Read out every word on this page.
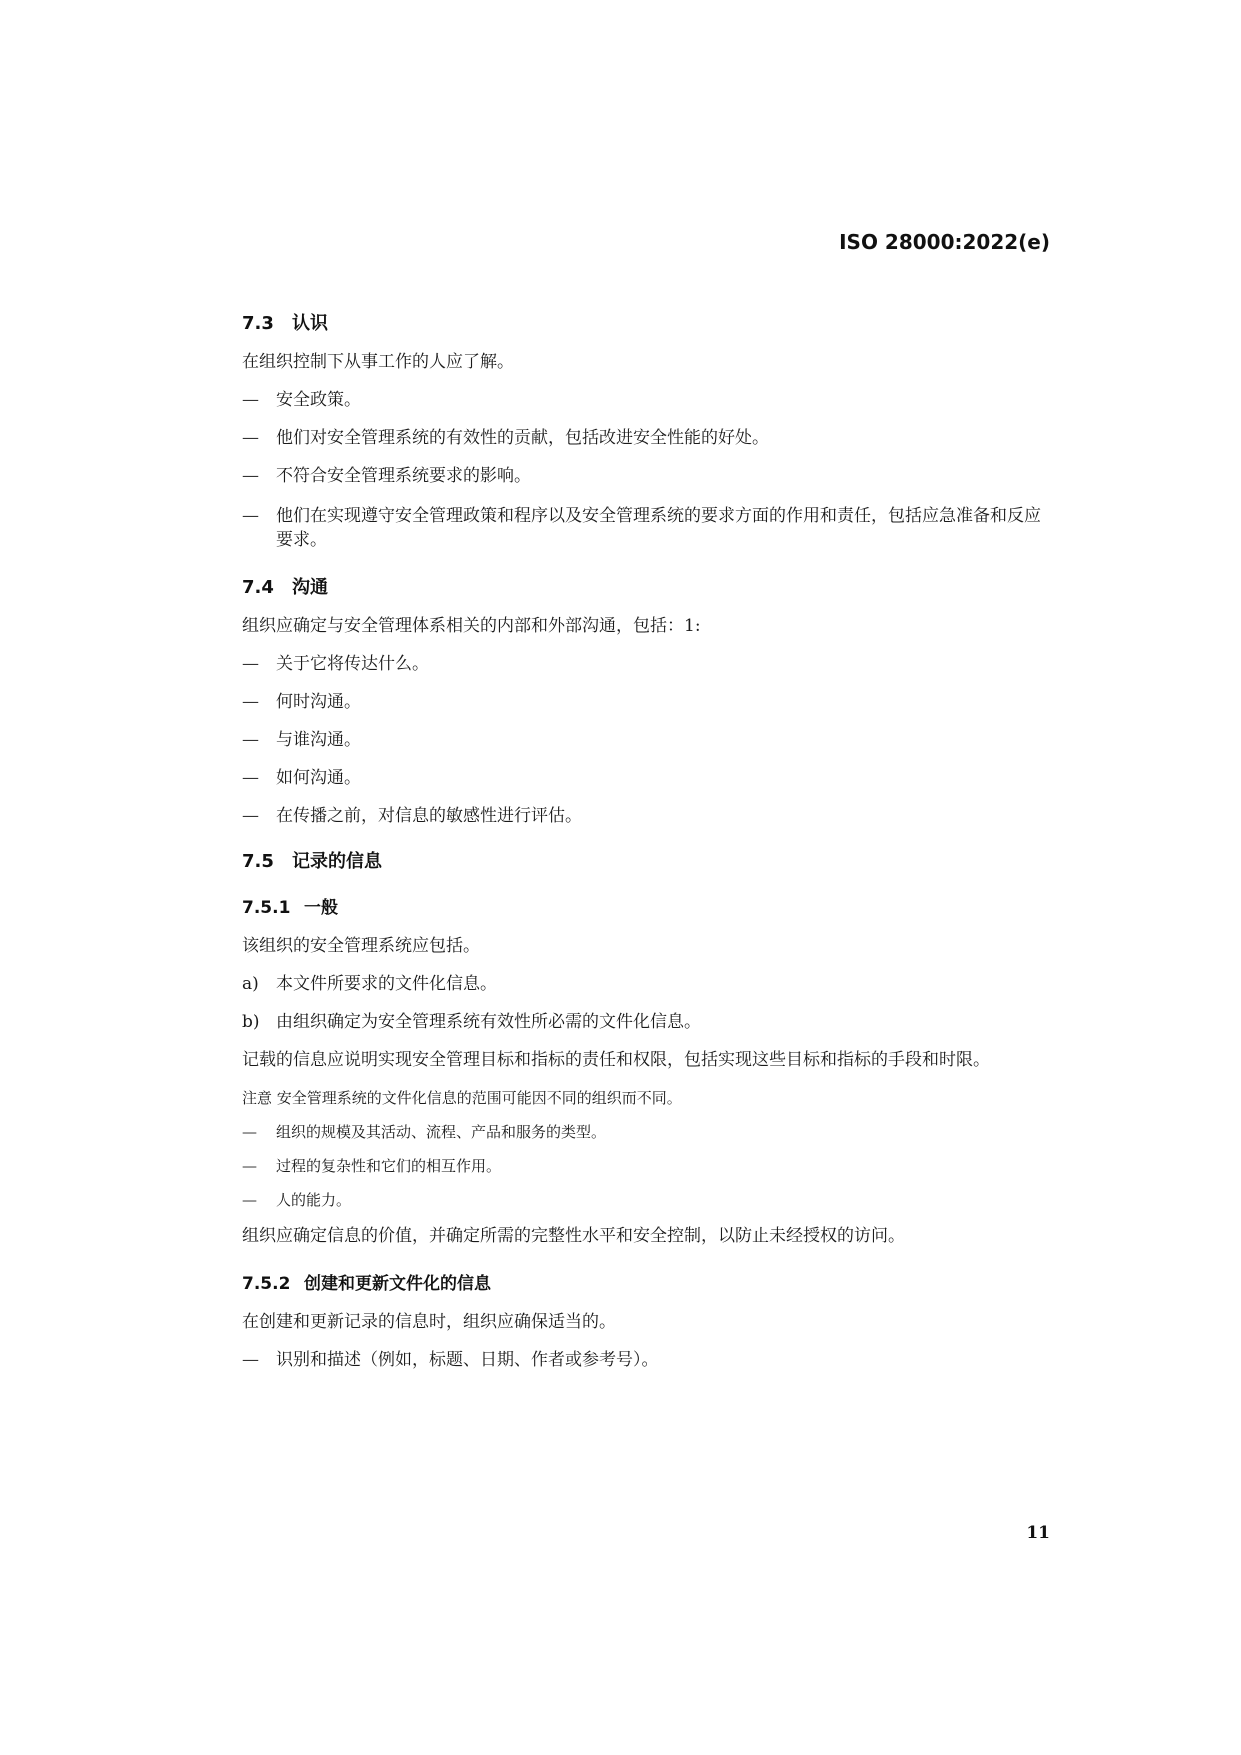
ISO 28000:2022(e)
7.3 认识
在组织控制下从事工作的人应了解。
—	安全政策。
—	他们对安全管理系统的有效性的贡献，包括改进安全性能的好处。
—	不符合安全管理系统要求的影响。
—	他们在实现遵守安全管理政策和程序以及安全管理系统的要求方面的作用和责任，包括应急准备和反应要求。
7.4 沟通
组织应确定与安全管理体系相关的内部和外部沟通，包括：1:
—	关于它将传达什么。
—	何时沟通。
—	与谁沟通。
—	如何沟通。
—	在传播之前，对信息的敏感性进行评估。
7.5 记录的信息
7.5.1 一般
该组织的安全管理系统应包括。
a)	本文件所要求的文件化信息。
b) 由组织确定为安全管理系统有效性所必需的文件化信息。
记载的信息应说明实现安全管理目标和指标的责任和权限，包括实现这些目标和指标的手段和时限。
注意 安全管理系统的文件化信息的范围可能因不同的组织而不同。
—	组织的规模及其活动、流程、产品和服务的类型。
—	过程的复杂性和它们的相互作用。
—	人的能力。
组织应确定信息的价值，并确定所需的完整性水平和安全控制，以防止未经授权的访问。
7.5.2 创建和更新文件化的信息
在创建和更新记录的信息时，组织应确保适当的。
—	识别和描述（例如，标题、日期、作者或参考号）。
11
